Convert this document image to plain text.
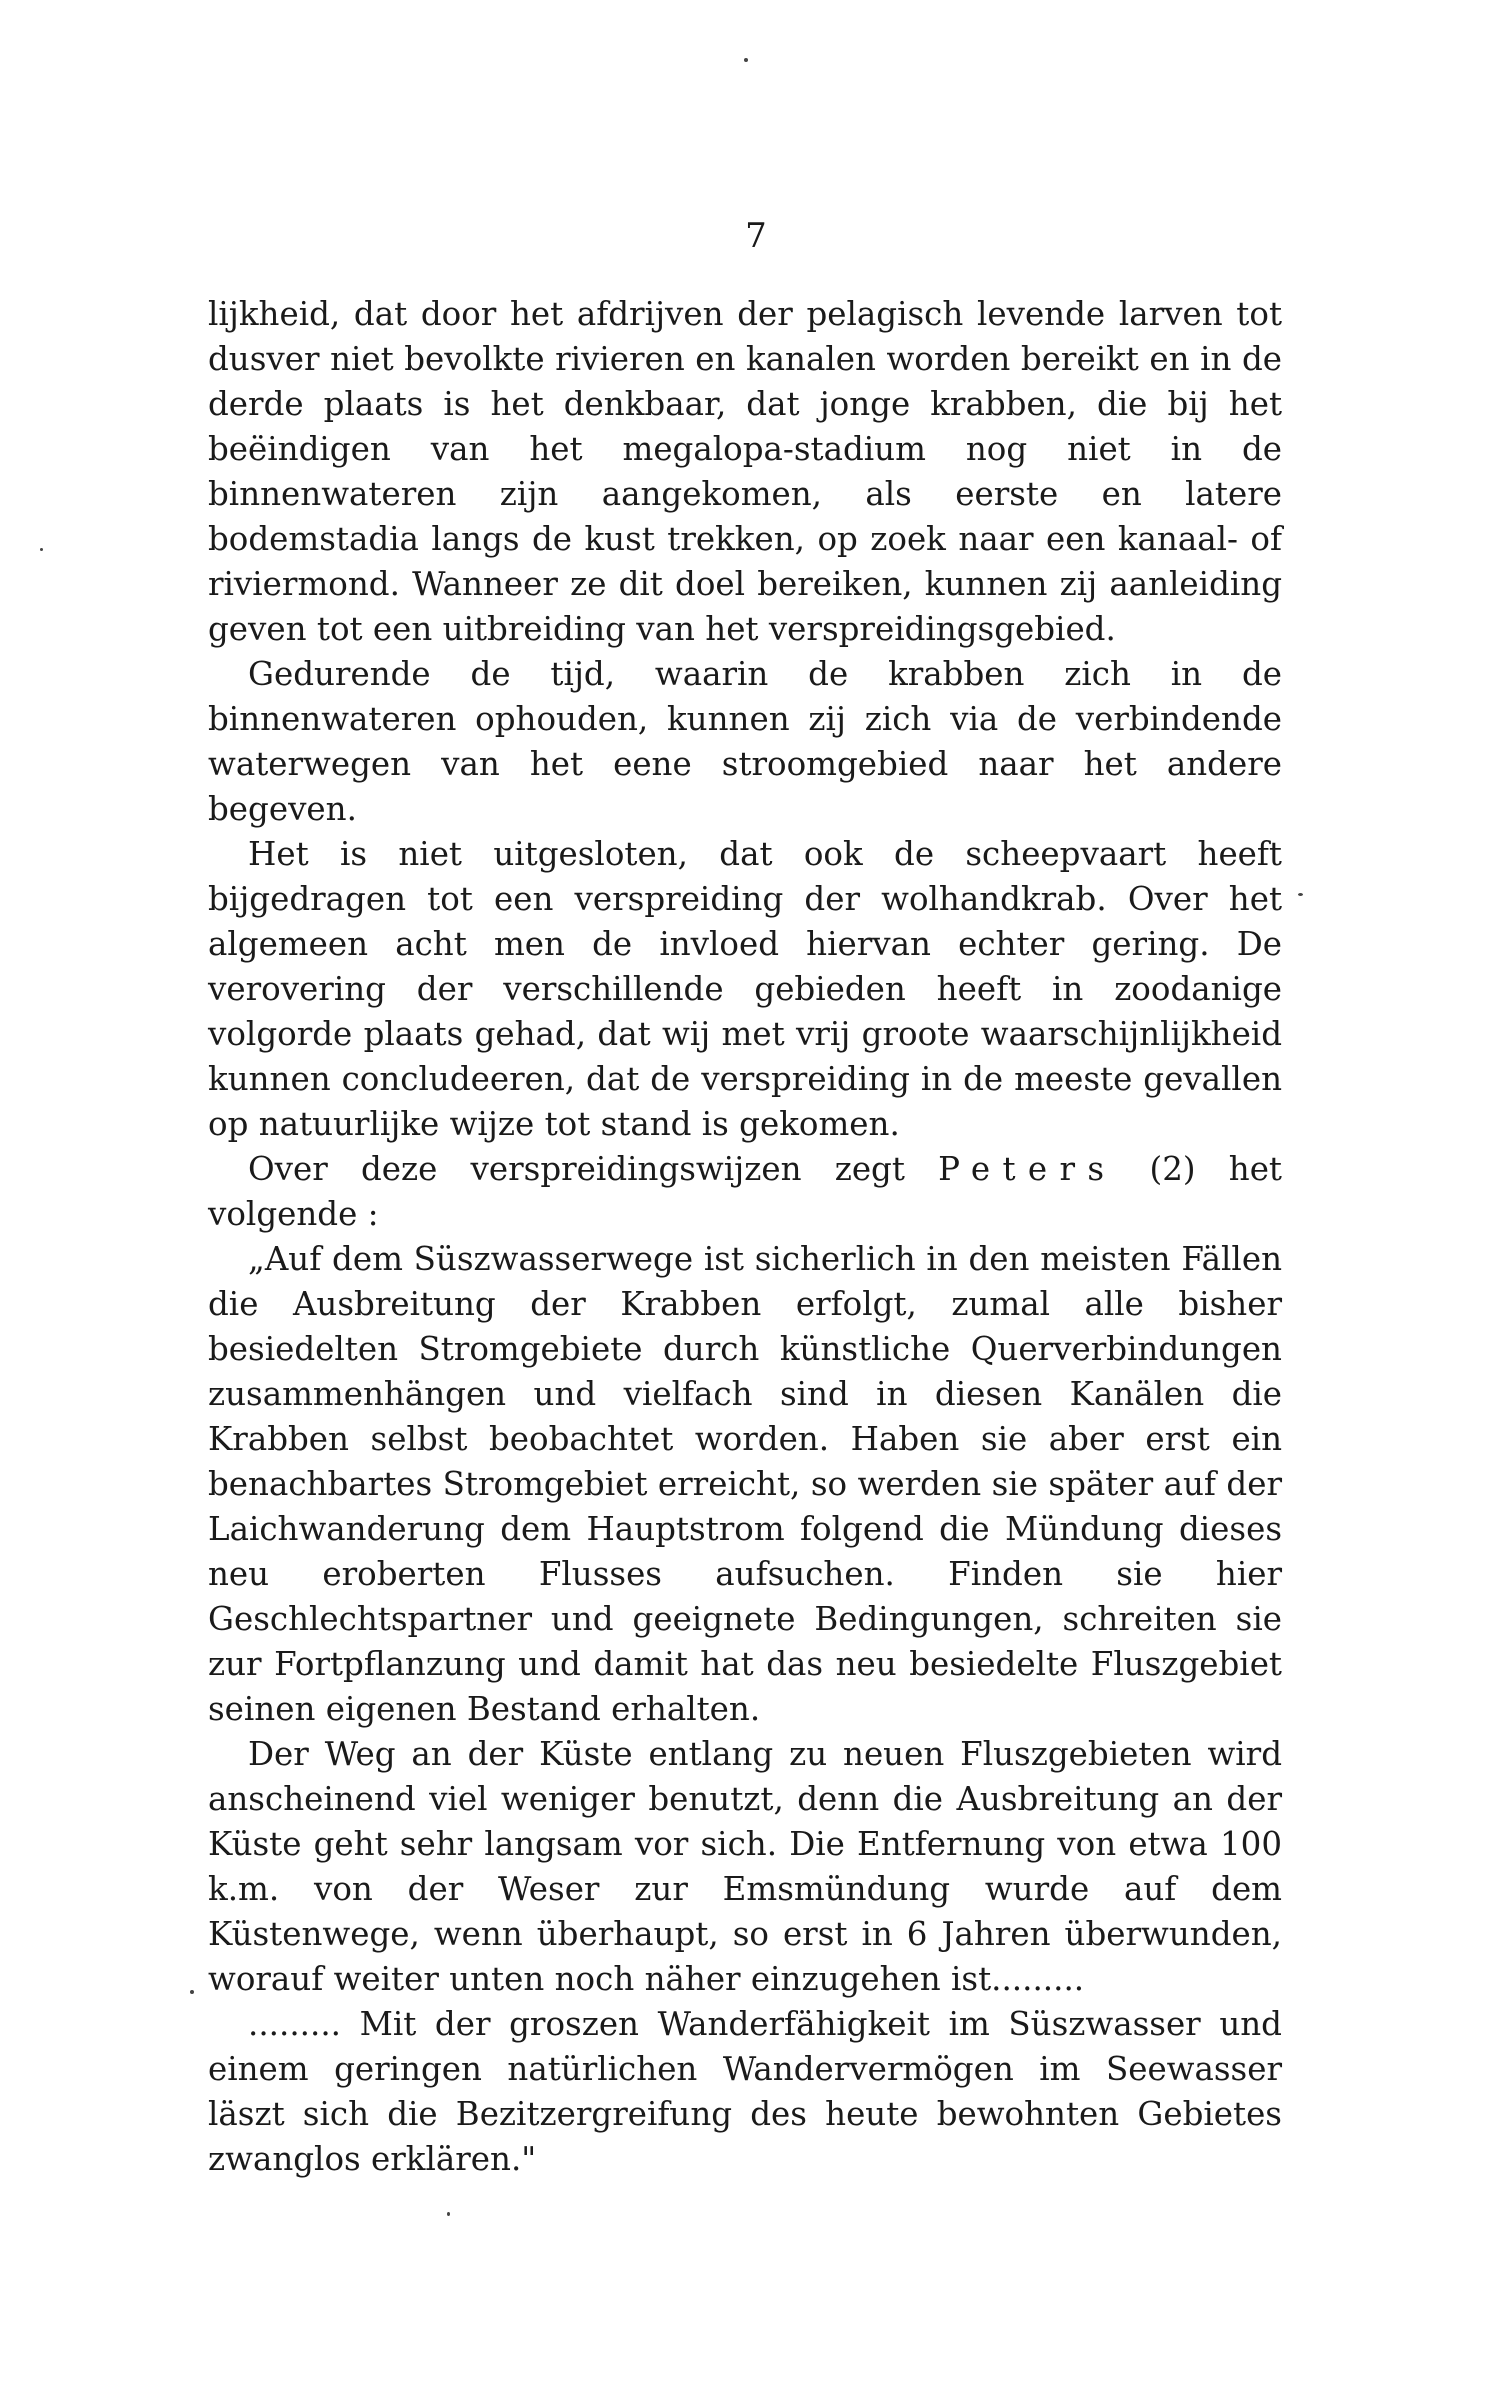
7

lijkheid, dat door het afdrijven der pelagisch levende larven tot dusver niet bevolkte rivieren en kanalen worden bereikt en in de derde plaats is het denkbaar, dat jonge krabben, die bij het beëindigen van het megalopa-stadium nog niet in de binnenwateren zijn aangekomen, als eerste en latere bodemstadia langs de kust trekken, op zoek naar een kanaal- of riviermond. Wanneer ze dit doel bereiken, kunnen zij aanleiding geven tot een uitbreiding van het verspreidingsgebied.

Gedurende de tijd, waarin de krabben zich in de binnenwateren ophouden, kunnen zij zich via de verbindende waterwegen van het eene stroomgebied naar het andere begeven.

Het is niet uitgesloten, dat ook de scheepvaart heeft bijgedragen tot een verspreiding der wolhandkrab. Over het algemeen acht men de invloed hiervan echter gering. De verovering der verschillende gebieden heeft in zoodanige volgorde plaats gehad, dat wij met vrij groote waarschijnlijkheid kunnen concludeeren, dat de verspreiding in de meeste gevallen op natuurlijke wijze tot stand is gekomen.

Over deze verspreidingswijzen zegt Peters (2) het volgende :

„Auf dem Süszwasserwege ist sicherlich in den meisten Fällen die Ausbreitung der Krabben erfolgt, zumal alle bisher besiedelten Stromgebiete durch künstliche Querverbindungen zusammenhängen und vielfach sind in diesen Kanälen die Krabben selbst beobachtet worden. Haben sie aber erst ein benachbartes Stromgebiet erreicht, so werden sie später auf der Laichwanderung dem Hauptstrom folgend die Mündung dieses neu eroberten Flusses aufsuchen. Finden sie hier Geschlechtspartner und geeignete Bedingungen, schreiten sie zur Fortpflanzung und damit hat das neu besiedelte Fluszgebiet seinen eigenen Bestand erhalten.

Der Weg an der Küste entlang zu neuen Fluszgebieten wird anscheinend viel weniger benutzt, denn die Ausbreitung an der Küste geht sehr langsam vor sich. Die Entfernung von etwa 100 k.m. von der Weser zur Emsmündung wurde auf dem Küstenwege, wenn überhaupt, so erst in 6 Jahren überwunden, worauf weiter unten noch näher einzugehen ist.........

......... Mit der groszen Wanderfähigkeit im Süszwasser und einem geringen natürlichen Wandervermögen im Seewasser läszt sich die Bezitzergreifung des heute bewohnten Gebietes zwanglos erklären."
